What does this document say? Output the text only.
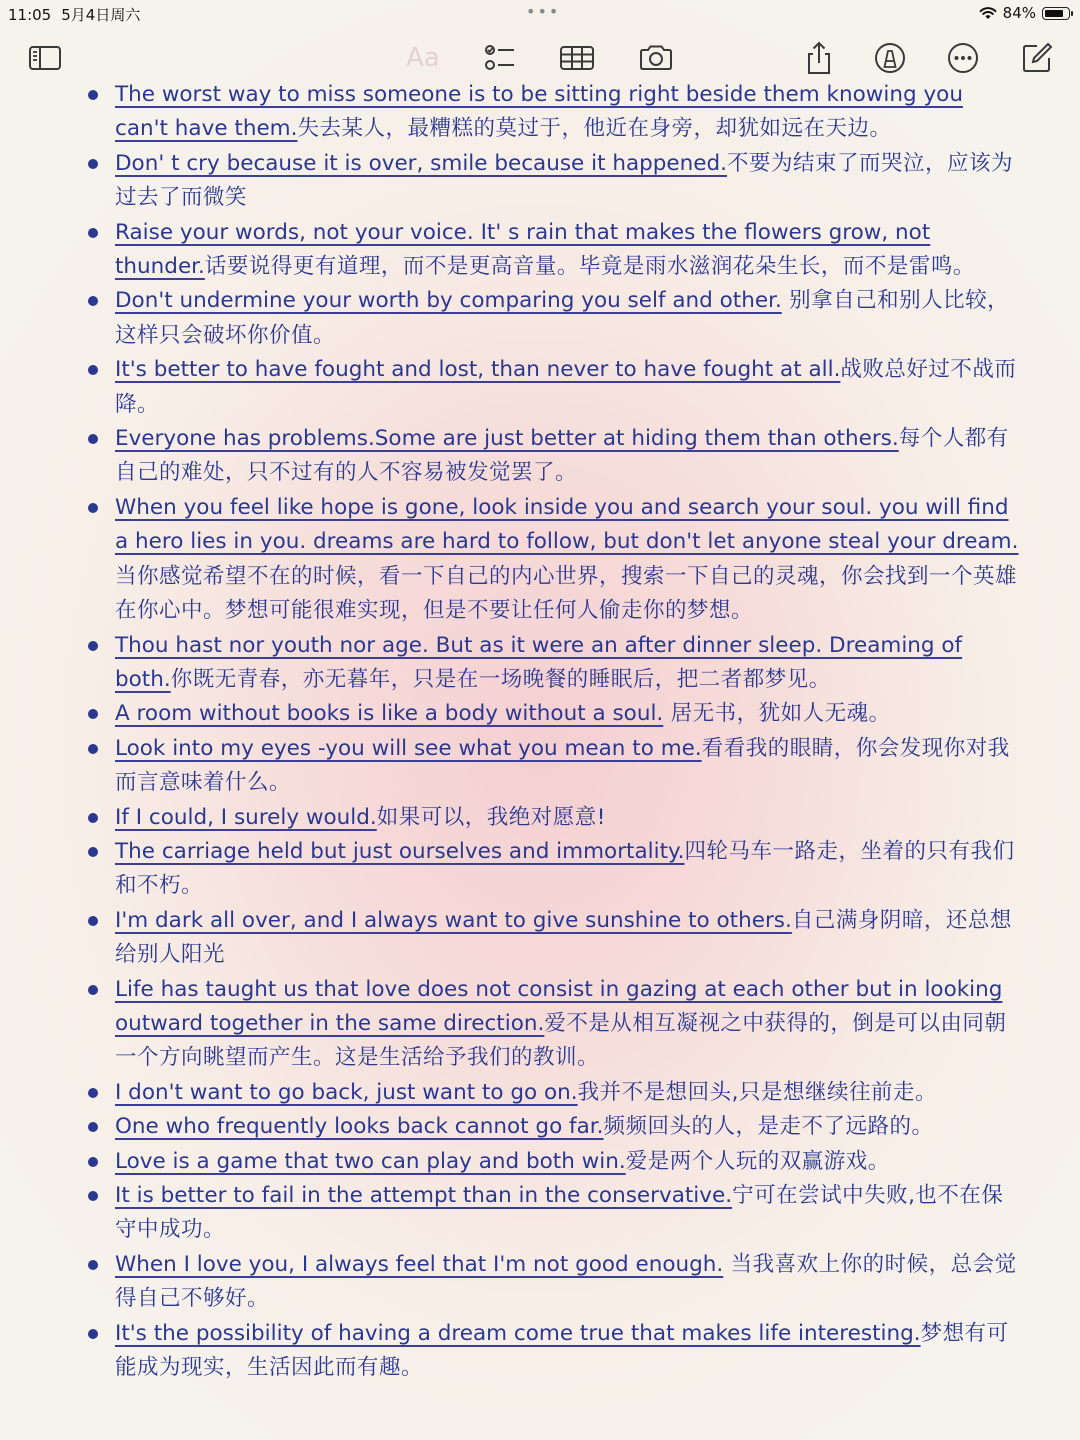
11:05 5月4日周六	•••	84%
Aa
The worst way to miss someone is to be sitting right beside them knowing you can't have them.失去某人，最糟糕的莫过于，他近在身旁，却犹如远在天边。
Don' t cry because it is over, smile because it happened.不要为结束了而哭泣，应该为过去了而微笑
Raise your words, not your voice. It' s rain that makes the flowers grow, not thunder.话要说得更有道理，而不是更高音量。毕竟是雨水滋润花朵生长，而不是雷鸣。
Don't undermine your worth by comparing you self and other. 别拿自己和别人比较，这样只会破坏你价值。
It's better to have fought and lost, than never to have fought at all.战败总好过不战而降。
Everyone has problems.Some are just better at hiding them than others.每个人都有自己的难处，只不过有的人不容易被发觉罢了。
When you feel like hope is gone, look inside you and search your soul. you will find a hero lies in you. dreams are hard to follow, but don't let anyone steal your dream.当你感觉希望不在的时候，看一下自己的内心世界，搜索一下自己的灵魂，你会找到一个英雄在你心中。梦想可能很难实现，但是不要让任何人偷走你的梦想。
Thou hast nor youth nor age. But as it were an after dinner sleep. Dreaming of both.你既无青春，亦无暮年，只是在一场晚餐的睡眠后，把二者都梦见。
A room without books is like a body without a soul. 居无书，犹如人无魂。
Look into my eyes -you will see what you mean to me.看看我的眼睛，你会发现你对我而言意味着什么。
If I could, I surely would.如果可以，我绝对愿意!
The carriage held but just ourselves and immortality.四轮马车一路走，坐着的只有我们和不朽。
I'm dark all over, and I always want to give sunshine to others.自己满身阴暗，还总想给别人阳光
Life has taught us that love does not consist in gazing at each other but in looking outward together in the same direction.爱不是从相互凝视之中获得的，倒是可以由同朝一个方向眺望而产生。这是生活给予我们的教训。
I don't want to go back, just want to go on.我并不是想回头,只是想继续往前走。
One who frequently looks back cannot go far.频频回头的人，是走不了远路的。
Love is a game that two can play and both win.爱是两个人玩的双赢游戏。
It is better to fail in the attempt than in the conservative.宁可在尝试中失败,也不在保守中成功。
When I love you, I always feel that I'm not good enough. 当我喜欢上你的时候，总会觉得自己不够好。
It's the possibility of having a dream come true that makes life interesting.梦想有可能成为现实，生活因此而有趣。
